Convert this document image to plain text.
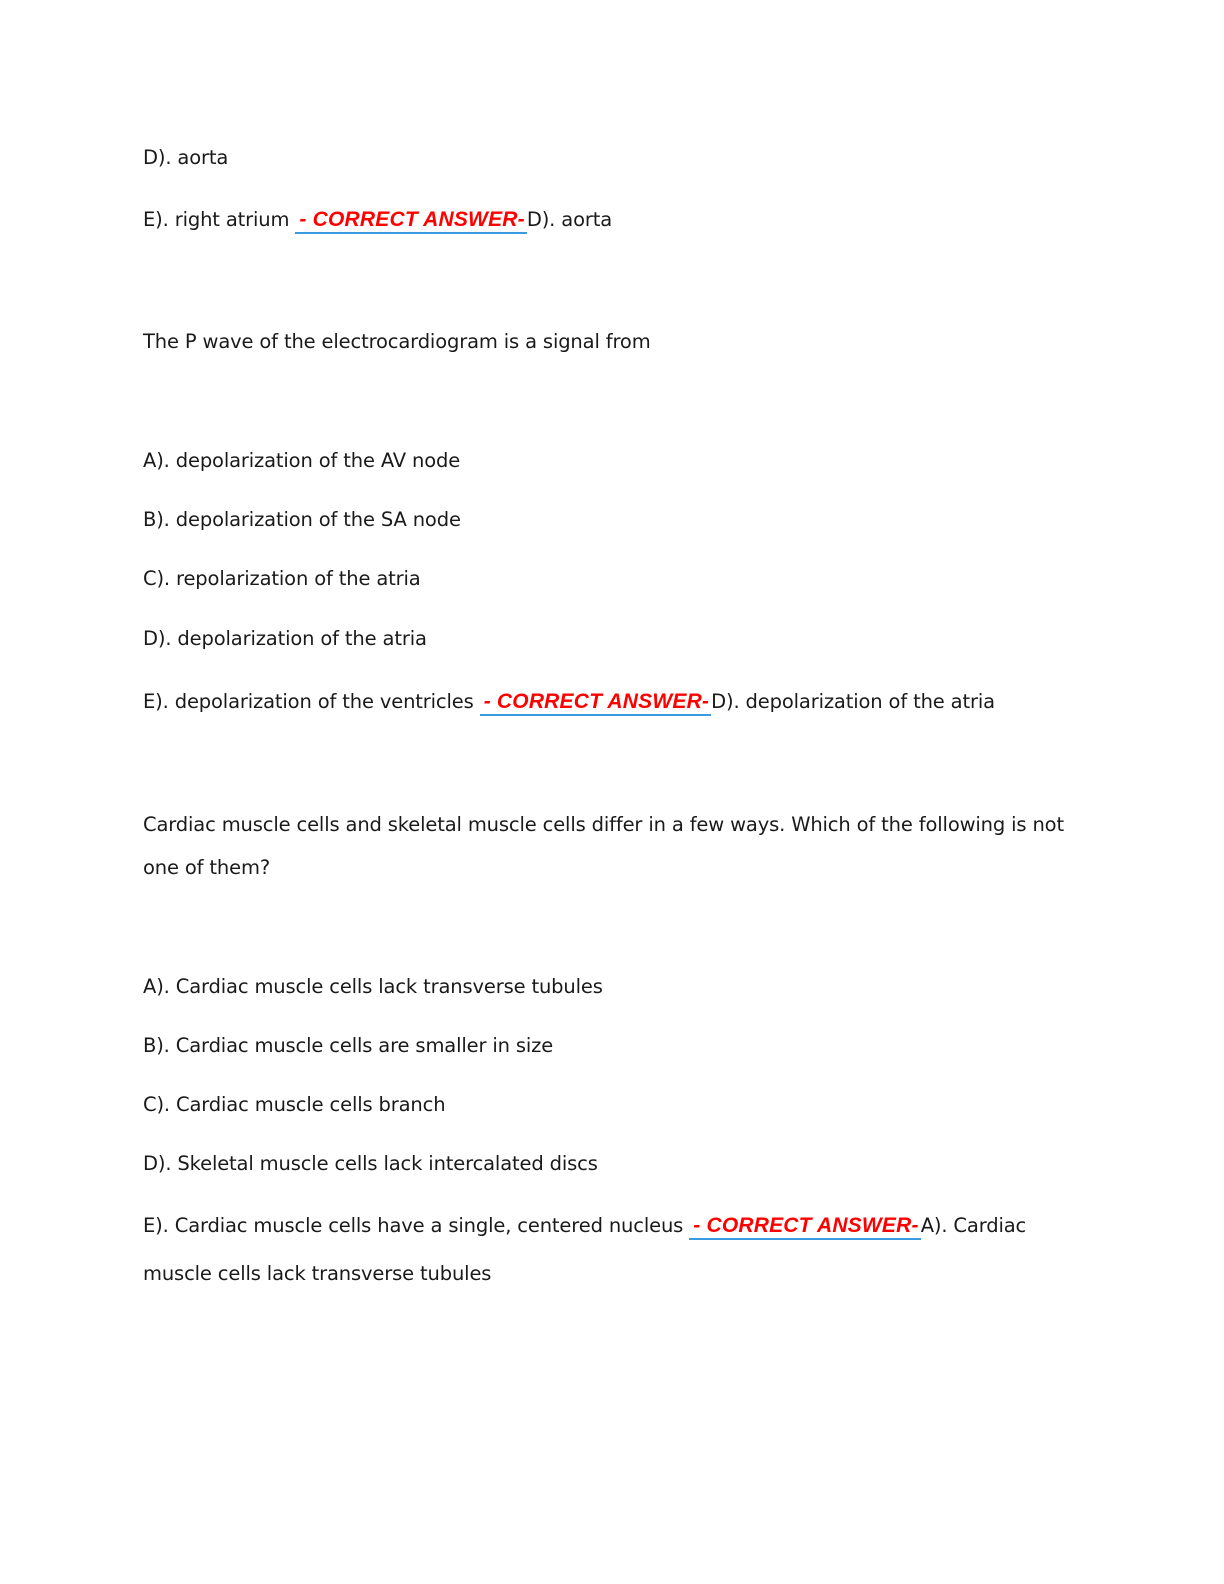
D). aorta
E). right atrium - CORRECT ANSWER- D). aorta
The P wave of the electrocardiogram is a signal from
A). depolarization of the AV node
B). depolarization of the SA node
C). repolarization of the atria
D). depolarization of the atria
E). depolarization of the ventricles - CORRECT ANSWER- D). depolarization of the atria
Cardiac muscle cells and skeletal muscle cells differ in a few ways. Which of the following is not
one of them?
A). Cardiac muscle cells lack transverse tubules
B). Cardiac muscle cells are smaller in size
C). Cardiac muscle cells branch
D). Skeletal muscle cells lack intercalated discs
E). Cardiac muscle cells have a single, centered nucleus - CORRECT ANSWER- A). Cardiac
muscle cells lack transverse tubules
